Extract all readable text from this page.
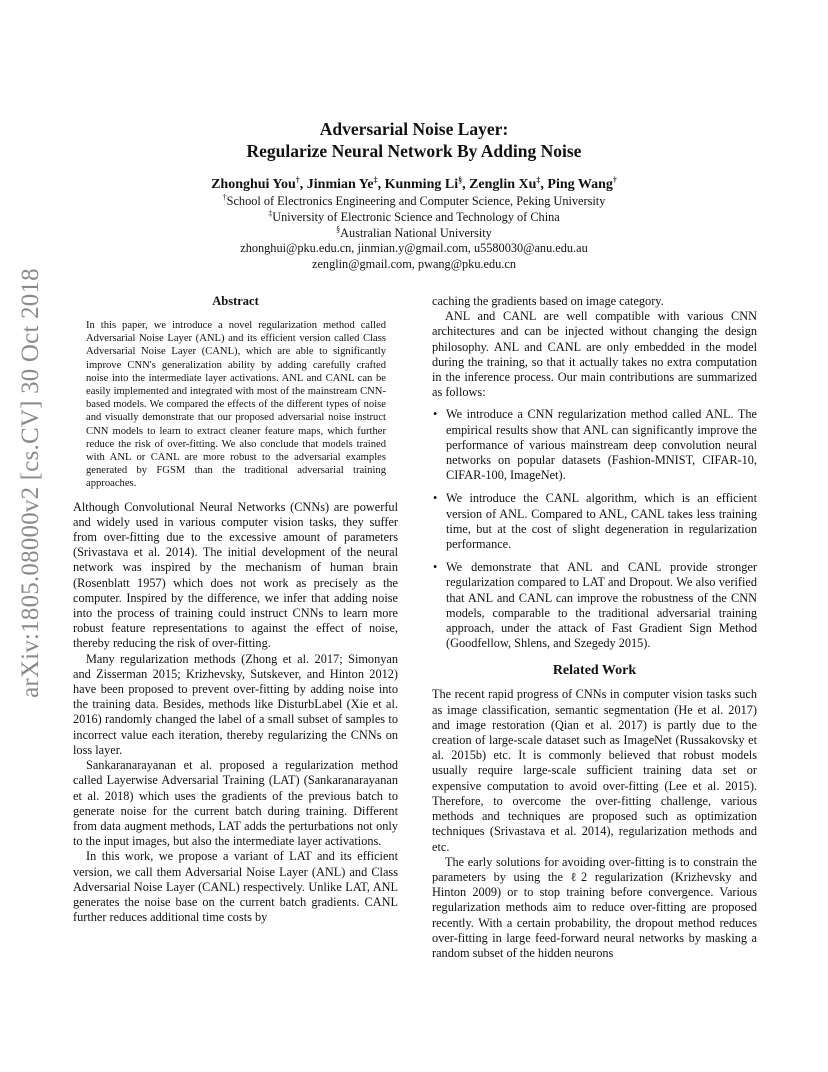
arXiv:1805.08000v2 [cs.CV] 30 Oct 2018
Adversarial Noise Layer:
Regularize Neural Network By Adding Noise
Zhonghui You†, Jinmian Ye‡, Kunming Li§, Zenglin Xu‡, Ping Wang†
†School of Electronics Engineering and Computer Science, Peking University
‡University of Electronic Science and Technology of China
§Australian National University
zhonghui@pku.edu.cn, jinmian.y@gmail.com, u5580030@anu.edu.au
zenglin@gmail.com, pwang@pku.edu.cn
Abstract
In this paper, we introduce a novel regularization method called Adversarial Noise Layer (ANL) and its efficient version called Class Adversarial Noise Layer (CANL), which are able to significantly improve CNN's generalization ability by adding carefully crafted noise into the intermediate layer activations. ANL and CANL can be easily implemented and integrated with most of the mainstream CNN-based models. We compared the effects of the different types of noise and visually demonstrate that our proposed adversarial noise instruct CNN models to learn to extract cleaner feature maps, which further reduce the risk of over-fitting. We also conclude that models trained with ANL or CANL are more robust to the adversarial examples generated by FGSM than the traditional adversarial training approaches.

Although Convolutional Neural Networks (CNNs) are powerful and widely used in various computer vision tasks, they suffer from over-fitting due to the excessive amount of parameters (Srivastava et al. 2014). The initial development of the neural network was inspired by the mechanism of human brain (Rosenblatt 1957) which does not work as precisely as the computer. Inspired by the difference, we infer that adding noise into the process of training could instruct CNNs to learn more robust feature representations to against the effect of noise, thereby reducing the risk of over-fitting.

Many regularization methods (Zhong et al. 2017; Simonyan and Zisserman 2015; Krizhevsky, Sutskever, and Hinton 2012) have been proposed to prevent over-fitting by adding noise into the training data. Besides, methods like DisturbLabel (Xie et al. 2016) randomly changed the label of a small subset of samples to incorrect value each iteration, thereby regularizing the CNNs on loss layer.

Sankaranarayanan et al. proposed a regularization method called Layerwise Adversarial Training (LAT) (Sankaranarayanan et al. 2018) which uses the gradients of the previous batch to generate noise for the current batch during training. Different from data augment methods, LAT adds the perturbations not only to the input images, but also the intermediate layer activations.

In this work, we propose a variant of LAT and its efficient version, we call them Adversarial Noise Layer (ANL) and Class Adversarial Noise Layer (CANL) respectively. Unlike LAT, ANL generates the noise base on the current batch gradients. CANL further reduces additional time costs by

caching the gradients based on image category.

ANL and CANL are well compatible with various CNN architectures and can be injected without changing the design philosophy. ANL and CANL are only embedded in the model during the training, so that it actually takes no extra computation in the inference process. Our main contributions are summarized as follows:

• We introduce a CNN regularization method called ANL. The empirical results show that ANL can significantly improve the performance of various mainstream deep convolution neural networks on popular datasets (Fashion-MNIST, CIFAR-10, CIFAR-100, ImageNet).
• We introduce the CANL algorithm, which is an efficient version of ANL. Compared to ANL, CANL takes less training time, but at the cost of slight degeneration in regularization performance.
• We demonstrate that ANL and CANL provide stronger regularization compared to LAT and Dropout. We also verified that ANL and CANL can improve the robustness of the CNN models, comparable to the traditional adversarial training approach, under the attack of Fast Gradient Sign Method (Goodfellow, Shlens, and Szegedy 2015).
Related Work

The recent rapid progress of CNNs in computer vision tasks such as image classification, semantic segmentation (He et al. 2017) and image restoration (Qian et al. 2017) is partly due to the creation of large-scale dataset such as ImageNet (Russakovsky et al. 2015b) etc. It is commonly believed that robust models usually require large-scale sufficient training data set or expensive computation to avoid over-fitting (Lee et al. 2015). Therefore, to overcome the over-fitting challenge, various methods and techniques are proposed such as optimization techniques (Srivastava et al. 2014), regularization methods and etc.

The early solutions for avoiding over-fitting is to constrain the parameters by using the ℓ2 regularization (Krizhevsky and Hinton 2009) or to stop training before convergence. Various regularization methods aim to reduce over-fitting are proposed recently. With a certain probability, the dropout method reduces over-fitting in large feed-forward neural networks by masking a random subset of the hidden neurons
